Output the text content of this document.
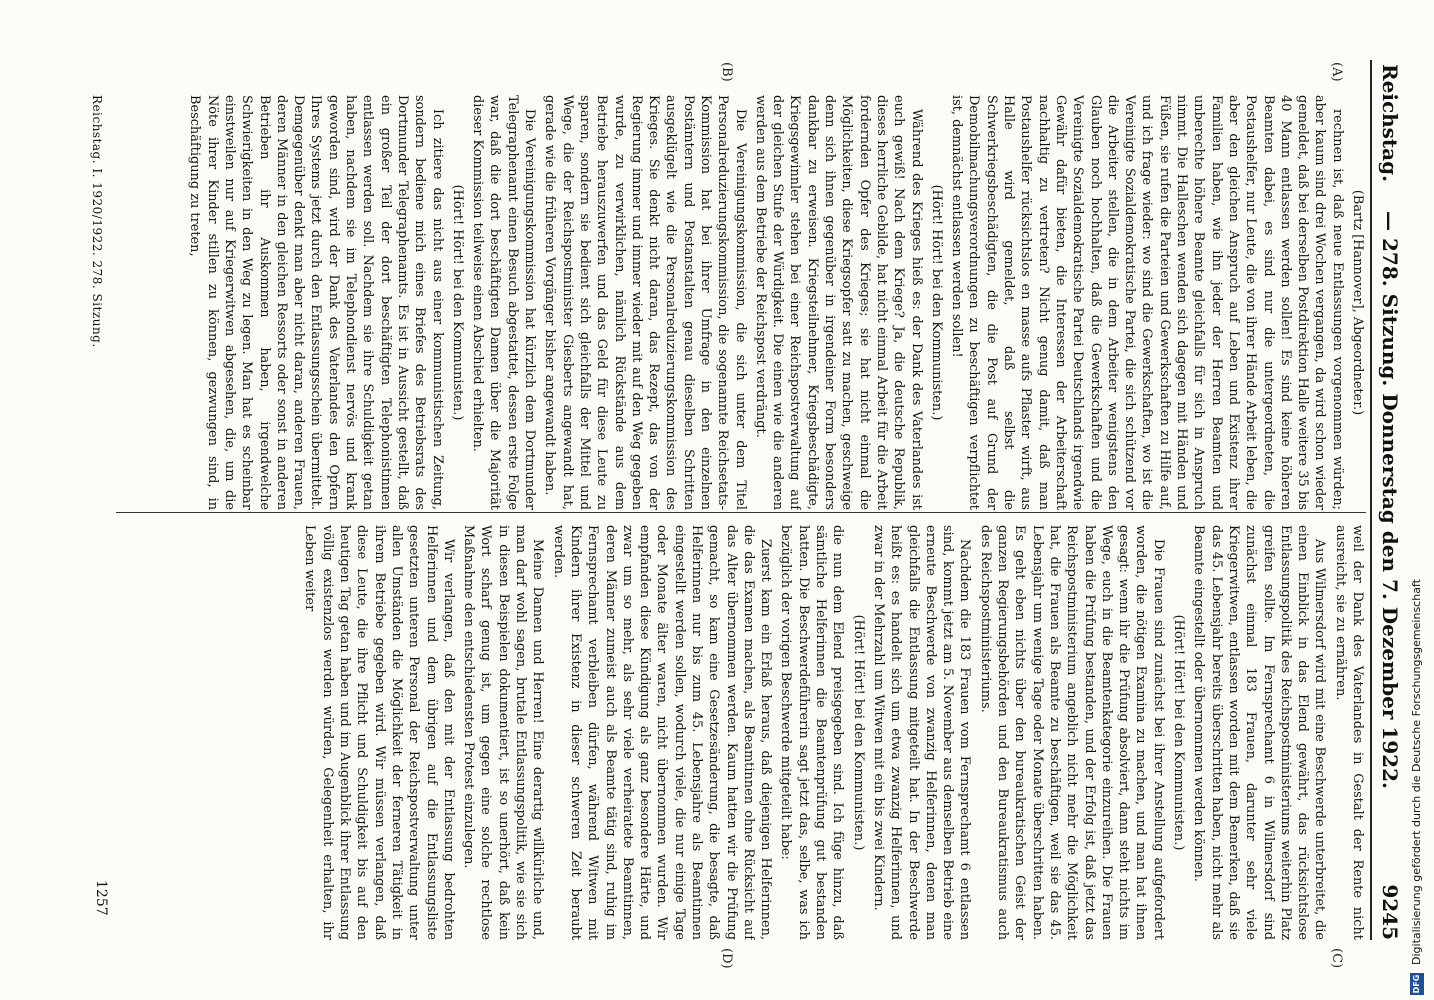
Reichstag.
— 278. Sitzung. Donnerstag den 7. Dezember 1922.
9245
(A)
(B)
(C)
(D)

(Bartz [Hannover], Abgeordneter.)

rechnen ist, daß neue Entlassungen vorgenommen würden; aber kaum sind drei Wochen vergangen, da wird schon wieder gemeldet, daß bei derselben Postdirektion Halle weitere 35 bis 40 Mann entlassen werden sollen! Es sind keine höheren Beamten dabei, es sind nur die untergeordneten, die Postaushelfer, nur Leute, die von ihrer Hände Arbeit leben, die aber den gleichen Anspruch auf Leben und Existenz ihrer Familien haben, wie ihn jeder der Herren Beamten und unberechte höhere Beamte gleichfalls für sich in Anspruch nimmt. Die Halleschen wenden sich dagegen mit Händen und Füßen, sie rufen die Parteien und Gewerkschaften zu Hilfe auf, und ich frage wieder: wo sind die Gewerkschaften, wo ist die Vereinigte Sozialdemokratische Partei, die sich schützend vor die Arbeiter stellen, die in dem Arbeiter wenigstens den Glauben noch hochhalten, daß die Gewerkschaften und die Vereinigte Sozialdemokratische Partei Deutschlands irgendwie Gewähr dafür bieten, die Interessen der Arbeiterschaft nachhaltig zu vertreten? Nicht genug damit, daß man Postaushelfer rücksichtslos en masse aufs Pflaster wirft, aus Halle wird gemeldet, daß selbst die Schwerkriegsbeschädigten, die die Post auf Grund der Demobilmachungsverordnungen zu beschäftigen verpflichtet ist, demnächst entlassen werden sollen!

(Hört! Hört! bei den Kommunisten.)

Während des Krieges hieß es: der Dank des Vaterlandes ist euch gewiß! Nach dem Kriege? Ja, die deutsche Republik, dieses herrliche Gebilde, hat nicht einmal Arbeit für die Arbeit fordernden Opfer des Krieges; sie hat nicht einmal die Möglichkeiten, diese Kriegsopfer satt zu machen, geschweige denn sich ihnen gegenüber in irgendeiner Form besonders dankbar zu erweisen. Kriegsteilnehmer, Kriegsbeschädigte, Kriegsgewinnler stehen bei einer Reichspostverwaltung auf der gleichen Stufe der Würdigkeit. Die einen wie die anderen werden aus dem Betriebe der Reichspost verdrängt.

Die Vereinigungskommission, die sich unter dem Titel Personalreduzierungskommission, die sogenannte Reichsetats-Kommission hat bei ihrer Umfrage in den einzelnen Postämtern und Postanstalten genau dieselben Schritten ausgeklügelt wie die Personalreduzierungskommission des Krieges. Sie denkt nicht daran, das Rezept, das von der Regierung immer und immer wieder mit auf den Weg gegeben wurde, zu verwirklichen, nämlich Rückstände aus dem Betriebe herauszuwerfen und das Geld für diese Leute zu sparen, sondern sie bedient sich gleichfalls der Mittel und Wege, die der Reichspostminister Giesberts angewandt hat, gerade wie die früheren Vorgänger bisher angewandt haben.

Die Vereinigungskommission hat kürzlich dem Dortmunder Telegraphenamt einen Besuch abgestattet, dessen erste Folge war, daß die dort beschäftigten Damen über die Majorität dieser Kommission teilweise einen Abschied erhielten.

(Hört! Hört! bei den Kommunisten.)

Ich zitiere das nicht aus einer kommunistischen Zeitung, sondern bediene mich eines Briefes des Betriebsrats des Dortmunder Telegraphenamts. Es ist in Aussicht gestellt, daß ein großer Teil der dort beschäftigten Telephonistinnen entlassen werden soll. Nachdem sie ihre Schuldigkeit getan haben, nachdem sie im Telephondienst nervös und krank geworden sind, wird der Dank des Vaterlandes den Opfern Ihres Systems jetzt durch den Entlassungsschein übermittelt. Demgegenüber denkt man aber nicht daran, anderen Frauen, deren Männer in den gleichen Ressorts oder sonst in anderen Betrieben ihr Auskommen haben, irgendwelche Schwierigkeiten in den Weg zu legen. Man hat es scheinbar einstweilen nur auf Kriegerwitwen abgesehen, die, um die Nöte ihrer Kinder stillen zu können, gezwungen sind, in Beschäftigung zu treten,

weil der Dank des Vaterlandes in Gestalt der Rente nicht ausreicht, sie zu ernähren.

Aus Wilmersdorf wird mit eine Beschwerde unterbreitet, die einen Einblick in das Elend gewährt, das rücksichtslose Entlassungspolitik des Reichspostministeriums weiterhin Platz greifen sollte. Im Fernsprechamt 6 in Wilmersdorf sind zunächst einmal 183 Frauen, darunter sehr viele Kriegerwitwen, entlassen worden mit dem Bemerken, daß sie das 45. Lebensjahr bereits überschritten haben, nicht mehr als Beamte eingestellt oder übernommen werden können.

(Hört! Hört! bei den Kommunisten.)

Die Frauen sind zunächst bei ihrer Anstellung aufgefordert worden, die nötigen Examina zu machen, und man hat ihnen gesagt: wenn ihr die Prüfung absolviert, dann steht nichts im Wege, euch in die Beamtenkategorie einzureihen. Die Frauen haben die Prüfung bestanden, und der Erfolg ist, daß jetzt das Reichspostministerium angeblich nicht mehr die Möglichkeit hat, die Frauen als Beamte zu beschäftigen, weil sie das 45. Lebensjahr um wenige Tage oder Monate überschritten haben. Es geht eben nichts über den bureaukratischen Geist der ganzen Regierungsbehörden und den Bureaukratismus auch des Reichspostministeriums.

Nachdem die 183 Frauen vom Fernsprechamt 6 entlassen sind, kommt jetzt am 5. November aus demselben Betrieb eine erneute Beschwerde von zwanzig Helferinnen, denen man gleichfalls die Entlassung mitgeteilt hat. In der Beschwerde heißt es: es handelt sich um etwa zwanzig Helferinnen, und zwar in der Mehrzahl um Witwen mit ein bis zwei Kindern.

(Hört! Hört! bei den Kommunisten.)

die nun dem Elend preisgegeben sind. Ich füge hinzu, daß sämtliche Helferinnen die Beamtenprüfung gut bestanden hatten. Die Beschwerdeführerin sagt jetzt das, selbe, was ich bezüglich der vorigen Beschwerde mitgeteilt habe:

Zuerst kam ein Erlaß heraus, daß diejenigen Helferinnen, die das Examen machen, als Beamtinnen ohne Rücksicht auf das Alter übernommen werden. Kaum hatten wir die Prüfung gemacht, so kam eine Gesetzesänderung, die besagte, daß Helferinnen nur bis zum 45. Lebensjahre als Beamtinnen eingestellt werden sollen, wodurch viele, die nur einige Tage oder Monate älter waren, nicht übernommen wurden. Wir empfanden diese Kündigung als ganz besondere Härte, und zwar um so mehr, als sehr viele verheiratete Beamtinnen, deren Männer zumeist auch als Beamte tätig sind, ruhig im Fernsprechamt verbleiben dürfen, während Witwen mit Kindern ihrer Existenz in dieser schweren Zeit beraubt werden.

Meine Damen und Herren! Eine derartig willkürliche und, man darf wohl sagen, brutale Entlassungspolitik, wie sie sich in diesen Beispielen dokumentiert, ist so unerhört, daß kein Wort scharf genug ist, um gegen eine solche rechtlose Maßnahme den entschiedensten Protest einzulegen.

Wir verlangen, daß den mit der Entlassung bedrohten Helferinnen und dem übrigen auf die Entlassungsliste gesetzten unteren Personal der Reichspostverwaltung unter allen Umständen die Möglichkeit der ferneren Tätigkeit in ihrem Betriebe gegeben wird. Wir müssen verlangen, daß diese Leute, die ihre Pflicht und Schuldigkeit bis auf den heutigen Tag getan haben und im Augenblick ihrer Entlassung völlig existenzlos werden würden, Gelegenheit erhalten, ihr Leben weiter

Reichstag. I. 1920/1922. 278. Sitzung.
1257
DFG
Digitalisierung gefördert durch die Deutsche Forschungsgemeinschaft
